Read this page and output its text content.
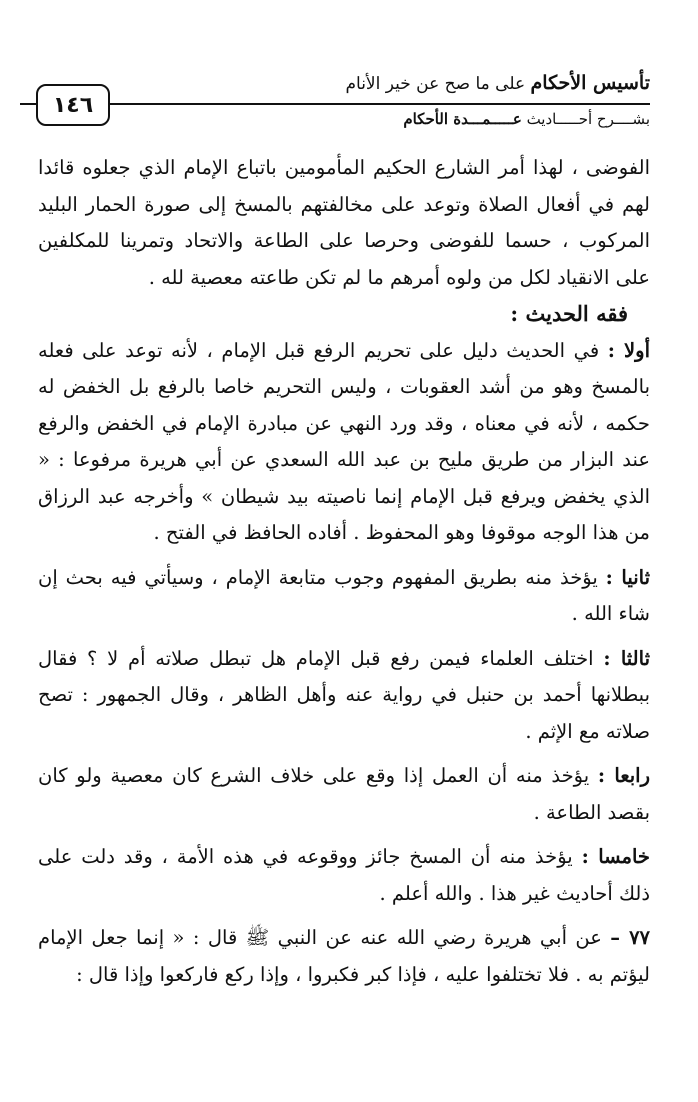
١٤٦
تأسيس الأحكام على ما صح عن خير الأنام
بشــــرح أحـــــاديث عـــــمـــدة الأحكام

الفوضى ، لهذا أمر الشارع الحكيم المأمومين باتباع الإمام الذي جعلوه قائدا لهم في أفعال الصلاة وتوعد على مخالفتهم بالمسخ إلى صورة الحمار البليد المركوب ، حسما للفوضى وحرصا على الطاعة والاتحاد وتمرينا للمكلفين على الانقياد لكل من ولوه أمرهم ما لم تكن طاعته معصية لله .

فقه الحديث :

أولا : في الحديث دليل على تحريم الرفع قبل الإمام ، لأنه توعد على فعله بالمسخ وهو من أشد العقوبات ، وليس التحريم خاصا بالرفع بل الخفض له حكمه ، لأنه في معناه ، وقد ورد النهي عن مبادرة الإمام في الخفض والرفع عند البزار من طريق مليح بن عبد الله السعدي عن أبي هريرة مرفوعا : « الذي يخفض ويرفع قبل الإمام إنما ناصيته بيد شيطان » وأخرجه عبد الرزاق من هذا الوجه موقوفا وهو المحفوظ . أفاده الحافظ في الفتح .

ثانيا : يؤخذ منه بطريق المفهوم وجوب متابعة الإمام ، وسيأتي فيه بحث إن شاء الله .

ثالثا : اختلف العلماء فيمن رفع قبل الإمام هل تبطل صلاته أم لا ؟ فقال ببطلانها أحمد بن حنبل في رواية عنه وأهل الظاهر ، وقال الجمهور : تصح صلاته مع الإثم .

رابعا : يؤخذ منه أن العمل إذا وقع على خلاف الشرع كان معصية ولو كان بقصد الطاعة .

خامسا : يؤخذ منه أن المسخ جائز ووقوعه في هذه الأمة ، وقد دلت على ذلك أحاديث غير هذا . والله أعلم .

٧٧ – عن أبي هريرة رضي الله عنه عن النبي ﷺ قال : « إنما جعل الإمام ليؤتم به . فلا تختلفوا عليه ، فإذا كبر فكبروا ، وإذا ركع فاركعوا وإذا قال :
